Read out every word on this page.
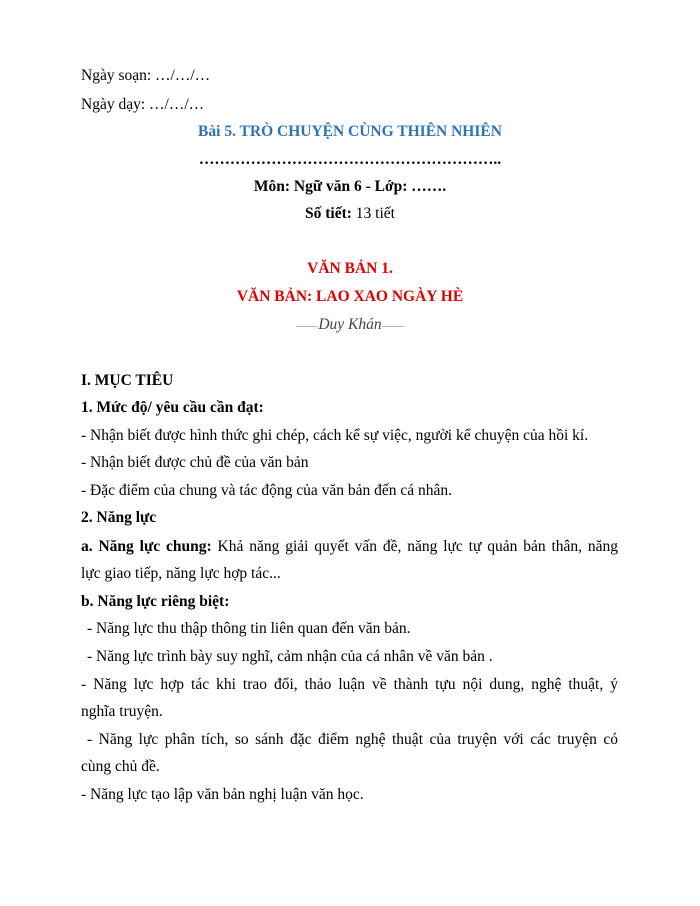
Ngày soạn: …/…/…
Ngày dạy: …/…/…
Bài 5. TRÒ CHUYỆN CÙNG THIÊN NHIÊN
…………………………………………………..
Môn: Ngữ văn 6 - Lớp: …….
Số tiết: 13 tiết
VĂN BẢN 1.
VĂN BẢN: LAO XAO NGÀY HÈ
Duy Khán
I. MỤC TIÊU
1. Mức độ/ yêu cầu cần đạt:
- Nhận biết được hình thức ghi chép, cách kể sự việc, người kể chuyện của hồi kí.
- Nhận biết được chủ đề của văn bản
- Đặc điểm của chung và tác động của văn bản đến cá nhân.
2. Năng lực
a. Năng lực chung: Khả năng giải quyết vấn đề, năng lực tự quản bản thân, năng
lực giao tiếp, năng lực hợp tác...
b. Năng lực riêng biệt:
- Năng lực thu thập thông tin liên quan đến văn bản.
- Năng lực trình bày suy nghĩ, cảm nhận của cá nhân về văn bản .
- Năng lực hợp tác khi trao đổi, thảo luận về thành tựu nội dung, nghệ thuật, ý
nghĩa truyện.
- Năng lực phân tích, so sánh đặc điểm nghệ thuật của truyện với các truyện có
cùng chủ đề.
- Năng lực tạo lập văn bản nghị luận văn học.
